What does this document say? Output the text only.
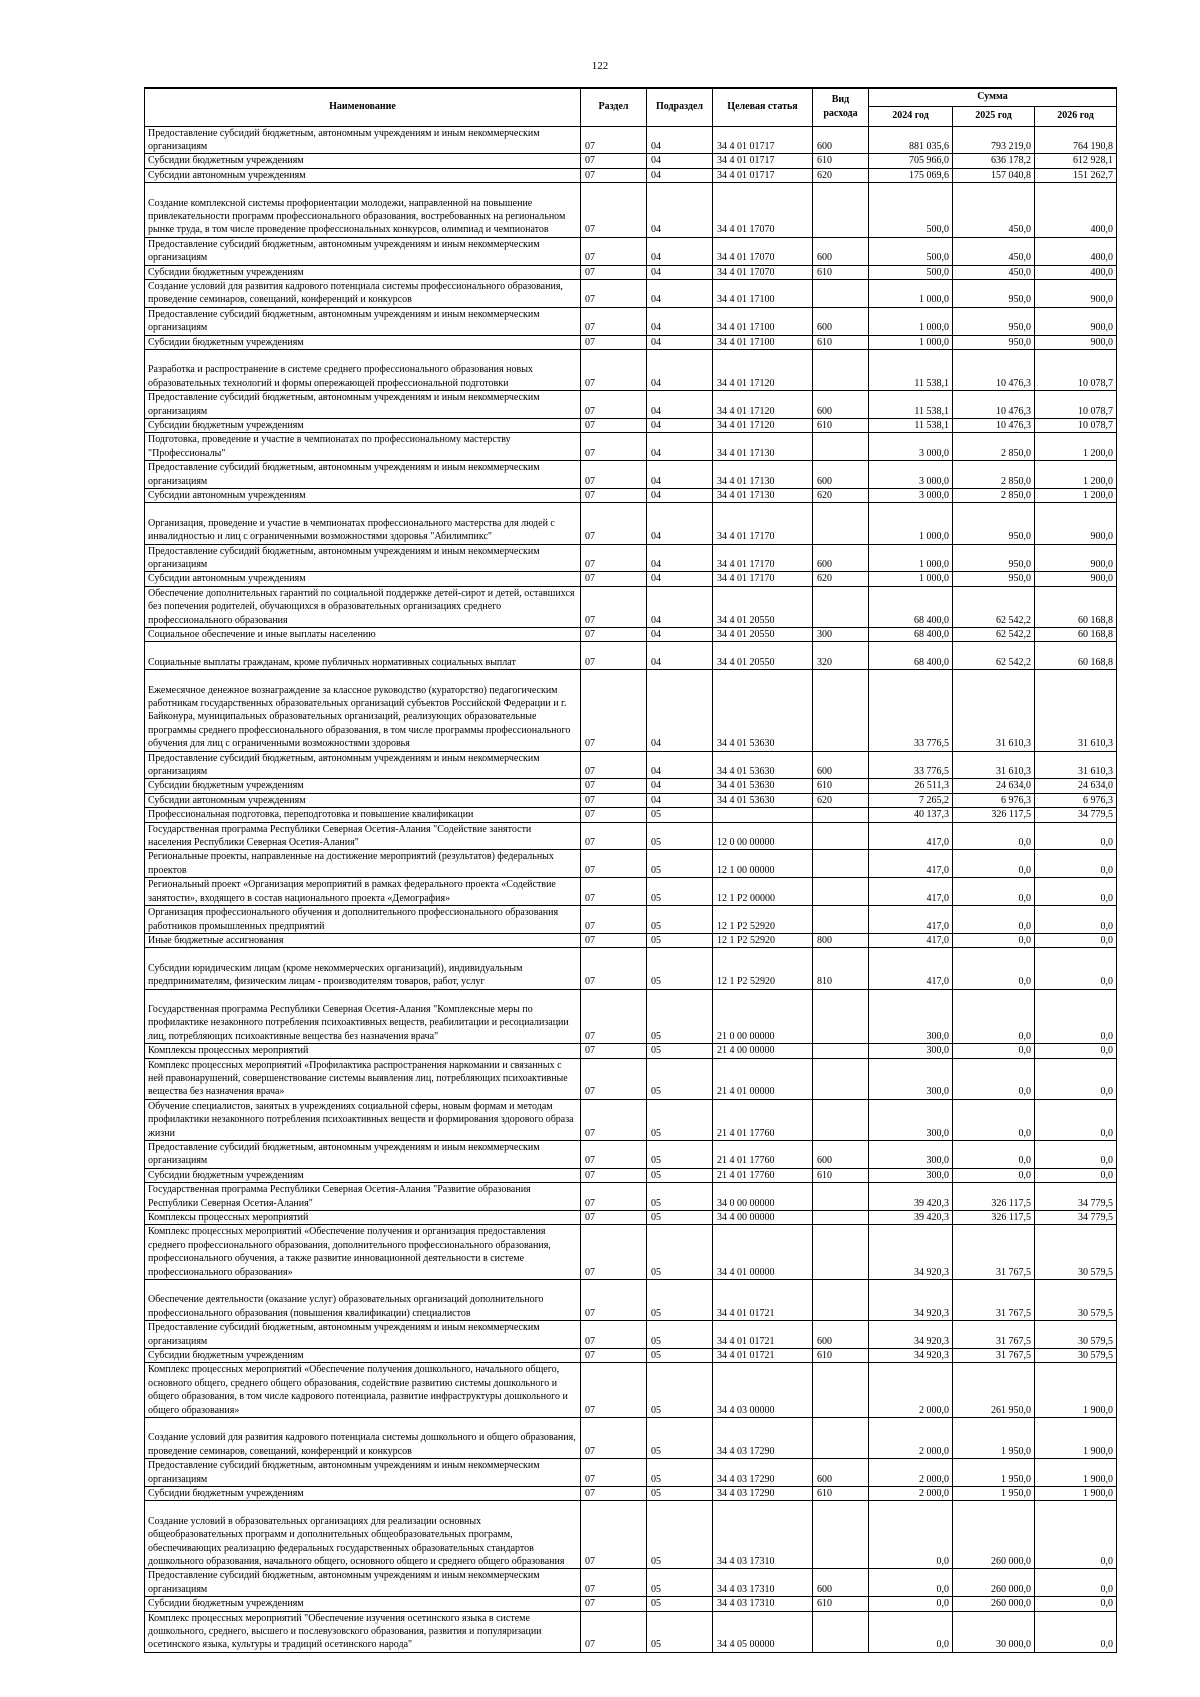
122
Наименование	Раздел	Подраздел	Целевая статья	Вид расхода	Сумма		
					2024 год	2025 год	2026 год
Предоставление субсидий бюджетным, автономным учреждениям и иным некоммерческим организациям	07	04	34 4 01 01717	600	881 035,6	793 219,0	764 190,8
Субсидии бюджетным учреждениям	07	04	34 4 01 01717	610	705 966,0	636 178,2	612 928,1
Субсидии автономным учреждениям	07	04	34 4 01 01717	620	175 069,6	157 040,8	151 262,7
Создание комплексной системы профориентации молодежи, направленной на повышение привлекательности программ профессионального образования, востребованных на региональном рынке труда, в том числе проведение профессиональных конкурсов, олимпиад и чемпионатов	07	04	34 4 01 17070		500,0	450,0	400,0
Предоставление субсидий бюджетным, автономным учреждениям и иным некоммерческим организациям	07	04	34 4 01 17070	600	500,0	450,0	400,0
Субсидии бюджетным учреждениям	07	04	34 4 01 17070	610	500,0	450,0	400,0
Создание условий для развития кадрового потенциала системы профессионального образования, проведение семинаров, совещаний, конференций и конкурсов	07	04	34 4 01 17100		1 000,0	950,0	900,0
Предоставление субсидий бюджетным, автономным учреждениям и иным некоммерческим организациям	07	04	34 4 01 17100	600	1 000,0	950,0	900,0
Субсидии бюджетным учреждениям	07	04	34 4 01 17100	610	1 000,0	950,0	900,0
Разработка и распространение в системе среднего профессионального образования новых образовательных технологий и формы опережающей профессиональной подготовки	07	04	34 4 01 17120		11 538,1	10 476,3	10 078,7
Предоставление субсидий бюджетным, автономным учреждениям и иным некоммерческим организациям	07	04	34 4 01 17120	600	11 538,1	10 476,3	10 078,7
Субсидии бюджетным учреждениям	07	04	34 4 01 17120	610	11 538,1	10 476,3	10 078,7
Подготовка, проведение и участие в чемпионатах по профессиональному мастерству "Профессионалы"	07	04	34 4 01 17130		3 000,0	2 850,0	1 200,0
Предоставление субсидий бюджетным, автономным учреждениям и иным некоммерческим организациям	07	04	34 4 01 17130	600	3 000,0	2 850,0	1 200,0
Субсидии автономным учреждениям	07	04	34 4 01 17130	620	3 000,0	2 850,0	1 200,0
Организация, проведение и участие в чемпионатах профессионального мастерства для людей с инвалидностью и лиц с ограниченными возможностями здоровья "Абилимпикс"	07	04	34 4 01 17170		1 000,0	950,0	900,0
Предоставление субсидий бюджетным, автономным учреждениям и иным некоммерческим организациям	07	04	34 4 01 17170	600	1 000,0	950,0	900,0
Субсидии автономным учреждениям	07	04	34 4 01 17170	620	1 000,0	950,0	900,0
Обеспечение дополнительных гарантий по социальной поддержке детей-сирот и детей, оставшихся без попечения родителей, обучающихся в образовательных организациях среднего профессионального образования	07	04	34 4 01 20550		68 400,0	62 542,2	60 168,8
Социальное обеспечение и иные выплаты населению	07	04	34 4 01 20550	300	68 400,0	62 542,2	60 168,8
Социальные выплаты гражданам, кроме публичных нормативных социальных выплат	07	04	34 4 01 20550	320	68 400,0	62 542,2	60 168,8
Ежемесячное денежное вознаграждение за классное руководство (кураторство) педагогическим работникам государственных образовательных организаций субъектов Российской Федерации и г. Байконура, муниципальных образовательных организаций, реализующих образовательные программы среднего профессионального образования, в том числе программы профессионального обучения для лиц с ограниченными возможностями здоровья	07	04	34 4 01 53630		33 776,5	31 610,3	31 610,3
Предоставление субсидий бюджетным, автономным учреждениям и иным некоммерческим организациям	07	04	34 4 01 53630	600	33 776,5	31 610,3	31 610,3
Субсидии бюджетным учреждениям	07	04	34 4 01 53630	610	26 511,3	24 634,0	24 634,0
Субсидии автономным учреждениям	07	04	34 4 01 53630	620	7 265,2	6 976,3	6 976,3
Профессиональная подготовка, переподготовка и повышение квалификации	07	05			40 137,3	326 117,5	34 779,5
Государственная программа Республики Северная Осетия-Алания "Содействие занятости населения Республики Северная Осетия-Алания"	07	05	12 0 00 00000		417,0	0,0	0,0
Региональные проекты, направленные на достижение мероприятий (результатов) федеральных проектов	07	05	12 1 00 00000		417,0	0,0	0,0
Региональный проект «Организация мероприятий в рамках федерального проекта «Содействие занятости», входящего в состав национального проекта «Демография»	07	05	12 1 P2 00000		417,0	0,0	0,0
Организация профессионального обучения и дополнительного профессионального образования работников промышленных предприятий	07	05	12 1 P2 52920		417,0	0,0	0,0
Иные бюджетные ассигнования	07	05	12 1 P2 52920	800	417,0	0,0	0,0
Субсидии юридическим лицам (кроме некоммерческих организаций), индивидуальным предпринимателям, физическим лицам - производителям товаров, работ, услуг	07	05	12 1 P2 52920	810	417,0	0,0	0,0
Государственная программа Республики Северная Осетия-Алания "Комплексные меры по профилактике незаконного потребления психоактивных веществ, реабилитации и ресоциализации лиц, потребляющих психоактивные вещества без назначения врача"	07	05	21 0 00 00000		300,0	0,0	0,0
Комплексы процессных мероприятий	07	05	21 4 00 00000		300,0	0,0	0,0
Комплекс процессных мероприятий «Профилактика распространения наркомании и связанных с ней правонарушений, совершенствование системы выявления лиц, потребляющих психоактивные вещества без назначения врача»	07	05	21 4 01 00000		300,0	0,0	0,0
Обучение специалистов, занятых в учреждениях социальной сферы, новым формам и методам профилактики незаконного потребления психоактивных веществ и формирования здорового образа жизни	07	05	21 4 01 17760		300,0	0,0	0,0
Предоставление субсидий бюджетным, автономным учреждениям и иным некоммерческим организациям	07	05	21 4 01 17760	600	300,0	0,0	0,0
Субсидии бюджетным учреждениям	07	05	21 4 01 17760	610	300,0	0,0	0,0
Государственная программа Республики Северная Осетия-Алания "Развитие образования Республики Северная Осетия-Алания"	07	05	34 0 00 00000		39 420,3	326 117,5	34 779,5
Комплексы процессных мероприятий	07	05	34 4 00 00000		39 420,3	326 117,5	34 779,5
Комплекс процессных мероприятий «Обеспечение получения и организация предоставления среднего профессионального образования, дополнительного профессионального образования, профессионального обучения, а также развитие инновационной деятельности в системе профессионального образования»	07	05	34 4 01 00000		34 920,3	31 767,5	30 579,5
Обеспечение деятельности (оказание услуг) образовательных организаций дополнительного профессионального образования (повышения квалификации) специалистов	07	05	34 4 01 01721		34 920,3	31 767,5	30 579,5
Предоставление субсидий бюджетным, автономным учреждениям и иным некоммерческим организациям	07	05	34 4 01 01721	600	34 920,3	31 767,5	30 579,5
Субсидии бюджетным учреждениям	07	05	34 4 01 01721	610	34 920,3	31 767,5	30 579,5
Комплекс процессных мероприятий «Обеспечение получения дошкольного, начального общего, основного общего, среднего общего образования, содействие развитию системы дошкольного и общего образования, в том числе кадрового потенциала, развитие инфраструктуры дошкольного и общего образования»	07	05	34 4 03 00000		2 000,0	261 950,0	1 900,0
Создание условий для развития кадрового потенциала системы дошкольного и общего образования, проведение семинаров, совещаний, конференций и конкурсов	07	05	34 4 03 17290		2 000,0	1 950,0	1 900,0
Предоставление субсидий бюджетным, автономным учреждениям и иным некоммерческим организациям	07	05	34 4 03 17290	600	2 000,0	1 950,0	1 900,0
Субсидии бюджетным учреждениям	07	05	34 4 03 17290	610	2 000,0	1 950,0	1 900,0
Создание условий в образовательных организациях для реализации основных общеобразовательных программ и дополнительных общеобразовательных программ, обеспечивающих реализацию федеральных государственных образовательных стандартов дошкольного образования, начального общего, основного общего и среднего общего образования	07	05	34 4 03 17310		0,0	260 000,0	0,0
Предоставление субсидий бюджетным, автономным учреждениям и иным некоммерческим организациям	07	05	34 4 03 17310	600	0,0	260 000,0	0,0
Субсидии бюджетным учреждениям	07	05	34 4 03 17310	610	0,0	260 000,0	0,0
Комплекс процессных мероприятий "Обеспечение изучения осетинского языка в системе дошкольного, среднего, высшего и послевузовского образования, развития и популяризации осетинского языка, культуры и традиций осетинского народа"	07	05	34 4 05 00000		0,0	30 000,0	0,0
